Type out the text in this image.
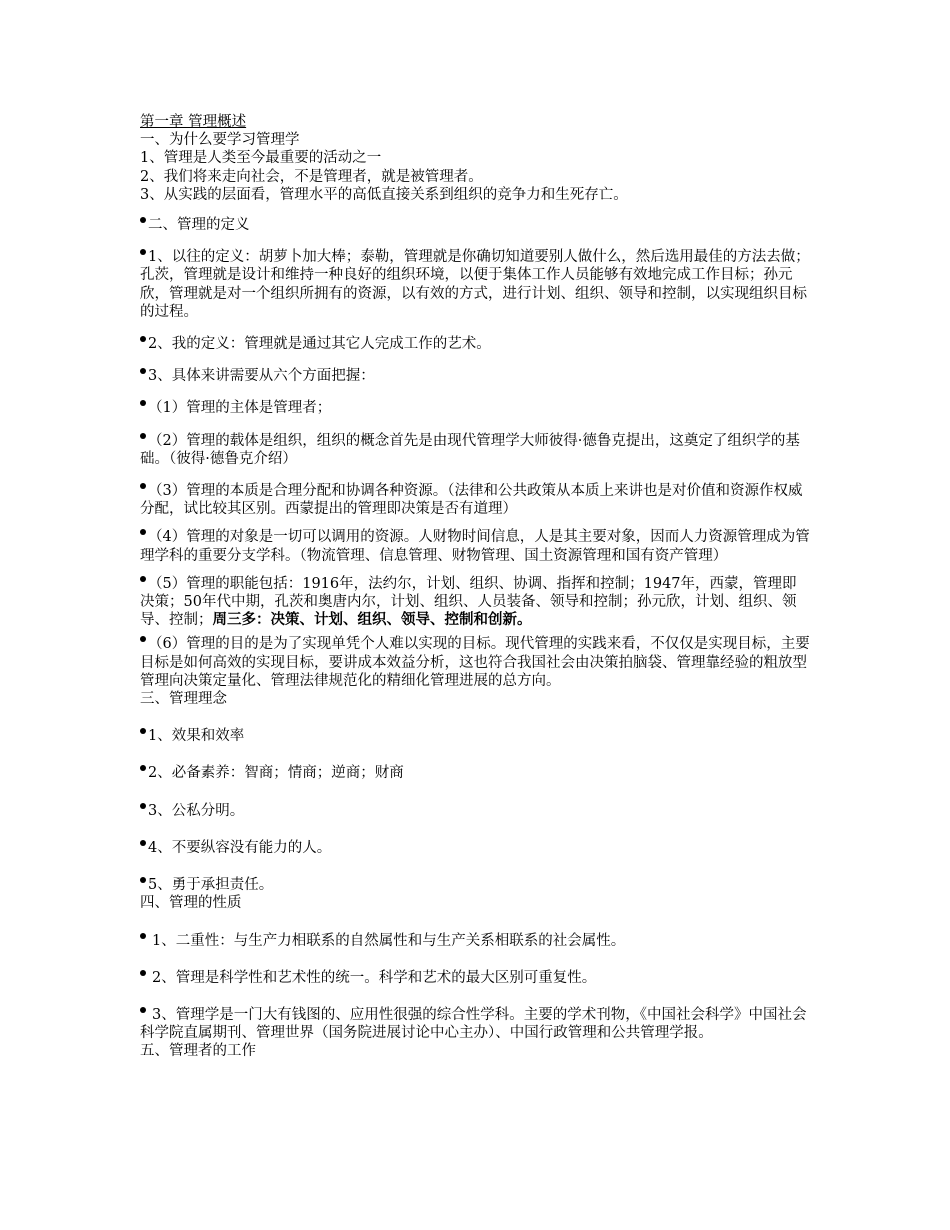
第一章 管理概述

一、为什么要学习管理学

1、管理是人类至今最重要的活动之一

2、我们将来走向社会，不是管理者，就是被管理者。

3、从实践的层面看，管理水平的高低直接关系到组织的竞争力和生死存亡。

二、管理的定义

1、以往的定义：胡萝卜加大棒；泰勒，管理就是你确切知道要别人做什么，然后选用最佳的方法去做；孔茨，管理就是设计和维持一种良好的组织环境，以便于集体工作人员能够有效地完成工作目标；孙元欣，管理就是对一个组织所拥有的资源，以有效的方式，进行计划、组织、领导和控制，以实现组织目标的过程。

2、我的定义：管理就是通过其它人完成工作的艺术。

3、具体来讲需要从六个方面把握：

（1）管理的主体是管理者；

（2）管理的载体是组织，组织的概念首先是由现代管理学大师彼得·德鲁克提出，这奠定了组织学的基础。（彼得·德鲁克介绍）

（3）管理的本质是合理分配和协调各种资源。（法律和公共政策从本质上来讲也是对价值和资源作权威分配，试比较其区别。西蒙提出的管理即决策是否有道理）

（4）管理的对象是一切可以调用的资源。人财物时间信息，人是其主要对象，因而人力资源管理成为管理学科的重要分支学科。（物流管理、信息管理、财物管理、国土资源管理和国有资产管理）

（5）管理的职能包括：1916年，法约尔，计划、组织、协调、指挥和控制；1947年，西蒙，管理即决策；50年代中期，孔茨和奥唐内尔，计划、组织、人员装备、领导和控制；孙元欣，计划、组织、领导、控制；周三多：决策、计划、组织、领导、控制和创新。

（6）管理的目的是为了实现单凭个人难以实现的目标。现代管理的实践来看，不仅仅是实现目标，主要目标是如何高效的实现目标，要讲成本效益分析，这也符合我国社会由决策拍脑袋、管理靠经验的粗放型管理向决策定量化、管理法律规范化的精细化管理进展的总方向。

三、管理理念

1、效果和效率

2、必备素养：智商；情商；逆商；财商

3、公私分明。

4、不要纵容没有能力的人。

5、勇于承担责任。

四、管理的性质

1、二重性：与生产力相联系的自然属性和与生产关系相联系的社会属性。

2、管理是科学性和艺术性的统一。科学和艺术的最大区别可重复性。

3、管理学是一门大有钱图的、应用性很强的综合性学科。主要的学术刊物，《中国社会科学》中国社会科学院直属期刊、管理世界（国务院进展讨论中心主办）、中国行政管理和公共管理学报。

五、管理者的工作
